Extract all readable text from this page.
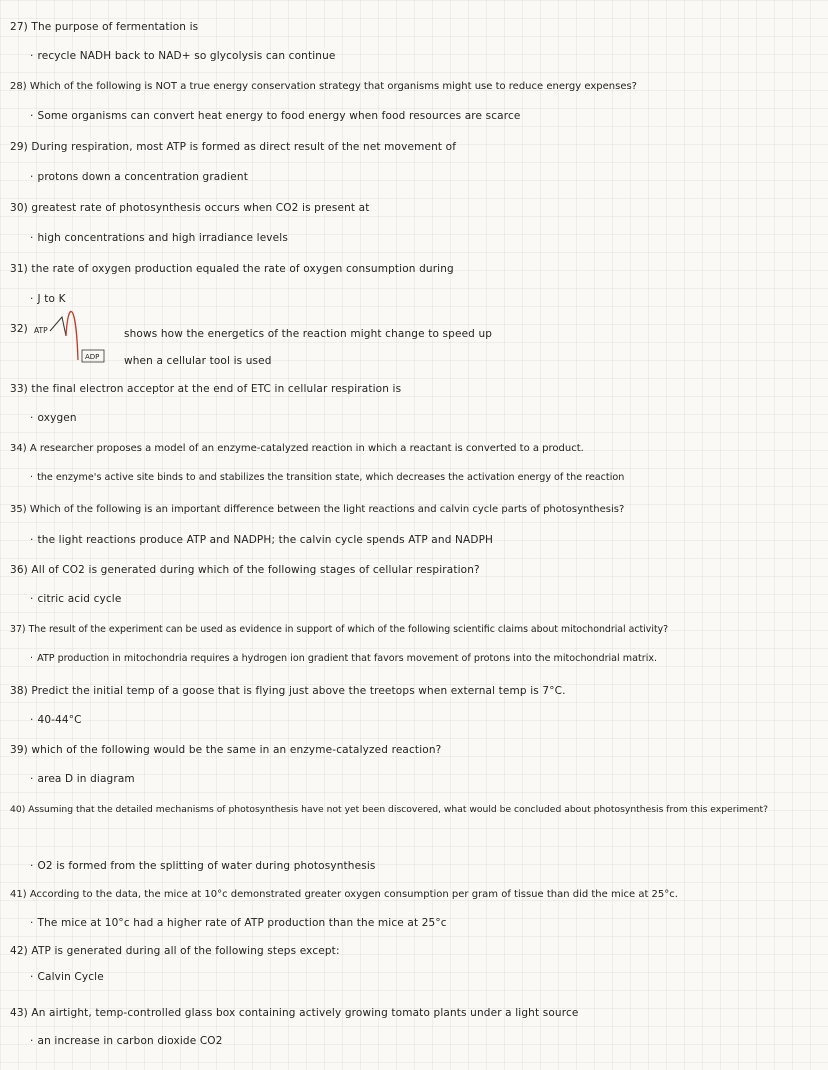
27) The purpose of fermentation is
· recycle NADH back to NAD+ so glycolysis can continue
28) Which of the following is NOT a true energy conservation strategy that organisms might use to reduce energy expenses?
· Some organisms can convert heat energy to food energy when food resources are scarce
29) During respiration, most ATP is formed as direct result of the net movement of
· protons down a concentration gradient
30) greatest rate of photosynthesis occurs when CO2 is present at
· high concentrations and high irradiance levels
31) the rate of oxygen production equaled the rate of oxygen consumption during
· J to K
32) ATP
ADP
shows how the energetics of the reaction might change to speed up
when a cellular tool is used
33) the final electron acceptor at the end of ETC in cellular respiration is
· oxygen
34) A researcher proposes a model of an enzyme-catalyzed reaction in which a reactant is converted to a product.
· the enzyme's active site binds to and stabilizes the transition state, which decreases the activation energy of the reaction
35) Which of the following is an important difference between the light reactions and calvin cycle parts of photosynthesis?
· the light reactions produce ATP and NADPH; the calvin cycle spends ATP and NADPH
36) All of CO2 is generated during which of the following stages of cellular respiration?
· citric acid cycle
37) The result of the experiment can be used as evidence in support of which of the following scientific claims about mitochondrial activity?
· ATP production in mitochondria requires a hydrogen ion gradient that favors movement of protons into the mitochondrial matrix.
38) Predict the initial temp of a goose that is flying just above the treetops when external temp is 7°C.
· 40-44°C
39) which of the following would be the same in an enzyme-catalyzed reaction?
· area D in diagram
40) Assuming that the detailed mechanisms of photosynthesis have not yet been discovered, what would be concluded about photosynthesis from this experiment?
· O2 is formed from the splitting of water during photosynthesis
41) According to the data, the mice at 10°c demonstrated greater oxygen consumption per gram of tissue than did the mice at 25°c.
· The mice at 10°c had a higher rate of ATP production than the mice at 25°c
42) ATP is generated during all of the following steps except:
· Calvin Cycle
43) An airtight, temp-controlled glass box containing actively growing tomato plants under a light source
· an increase in carbon dioxide CO2
